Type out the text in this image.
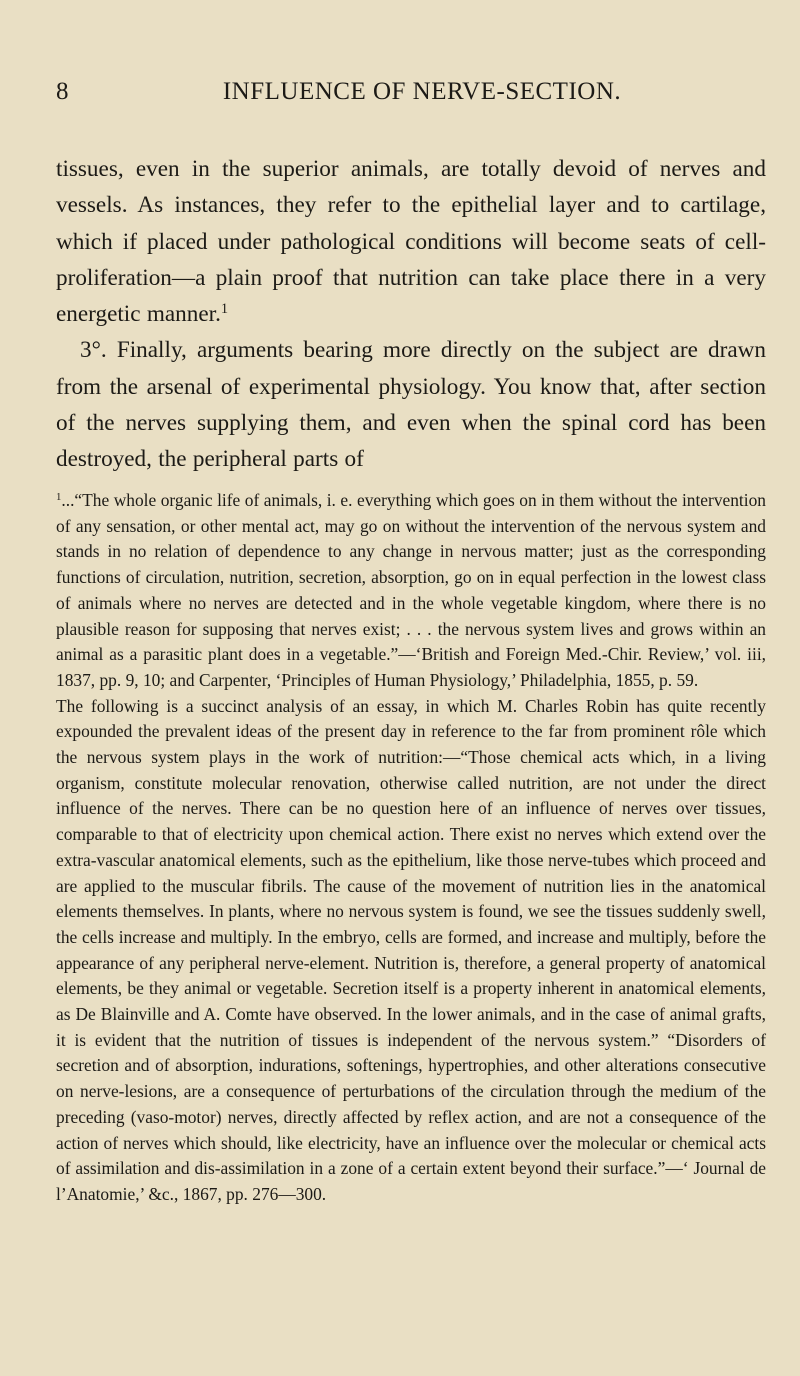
8	INFLUENCE OF NERVE-SECTION.

tissues, even in the superior animals, are totally devoid of nerves and vessels. As instances, they refer to the epithelial layer and to cartilage, which if placed under pathological conditions will become seats of cell-proliferation—a plain proof that nutrition can take place there in a very energetic manner.$^1$

3°. Finally, arguments bearing more directly on the subject are drawn from the arsenal of experimental physiology. You know that, after section of the nerves supplying them, and even when the spinal cord has been destroyed, the peripheral parts of

$^1$...“The whole organic life of animals, i. e. everything which goes on in them without the intervention of any sensation, or other mental act, may go on without the intervention of the nervous system and stands in no relation of dependence to any change in nervous matter; just as the corresponding functions of circulation, nutrition, secretion, absorption, go on in equal perfection in the lowest class of animals where no nerves are detected and in the whole vegetable kingdom, where there is no plausible reason for supposing that nerves exist; . . . the nervous system lives and grows within an animal as a parasitic plant does in a vegetable.”—‘British and Foreign Med.-Chir. Review,’ vol. iii, 1837, pp. 9, 10; and Carpenter, ‘Principles of Human Physiology,’ Philadelphia, 1855, p. 59.

The following is a succinct analysis of an essay, in which M. Charles Robin has quite recently expounded the prevalent ideas of the present day in reference to the far from prominent rôle which the nervous system plays in the work of nutrition:—“Those chemical acts which, in a living organism, constitute molecular renovation, otherwise called nutrition, are not under the direct influence of the nerves. There can be no question here of an influence of nerves over tissues, comparable to that of electricity upon chemical action. There exist no nerves which extend over the extra-vascular anatomical elements, such as the epithelium, like those nerve-tubes which proceed and are applied to the muscular fibrils. The cause of the movement of nutrition lies in the anatomical elements themselves. In plants, where no nervous system is found, we see the tissues suddenly swell, the cells increase and multiply. In the embryo, cells are formed, and increase and multiply, before the appearance of any peripheral nerve-element. Nutrition is, therefore, a general property of anatomical elements, be they animal or vegetable. Secretion itself is a property inherent in anatomical elements, as De Blainville and A. Comte have observed. In the lower animals, and in the case of animal grafts, it is evident that the nutrition of tissues is independent of the nervous system.” “Disorders of secretion and of absorption, indurations, softenings, hypertrophies, and other alterations consecutive on nerve-lesions, are a consequence of perturbations of the circulation through the medium of the preceding (vaso-motor) nerves, directly affected by reflex action, and are not a consequence of the action of nerves which should, like electricity, have an influence over the molecular or chemical acts of assimilation and dis-assimilation in a zone of a certain extent beyond their surface.”—‘ Journal de l’Anatomie,’ &c., 1867, pp. 276—300.
